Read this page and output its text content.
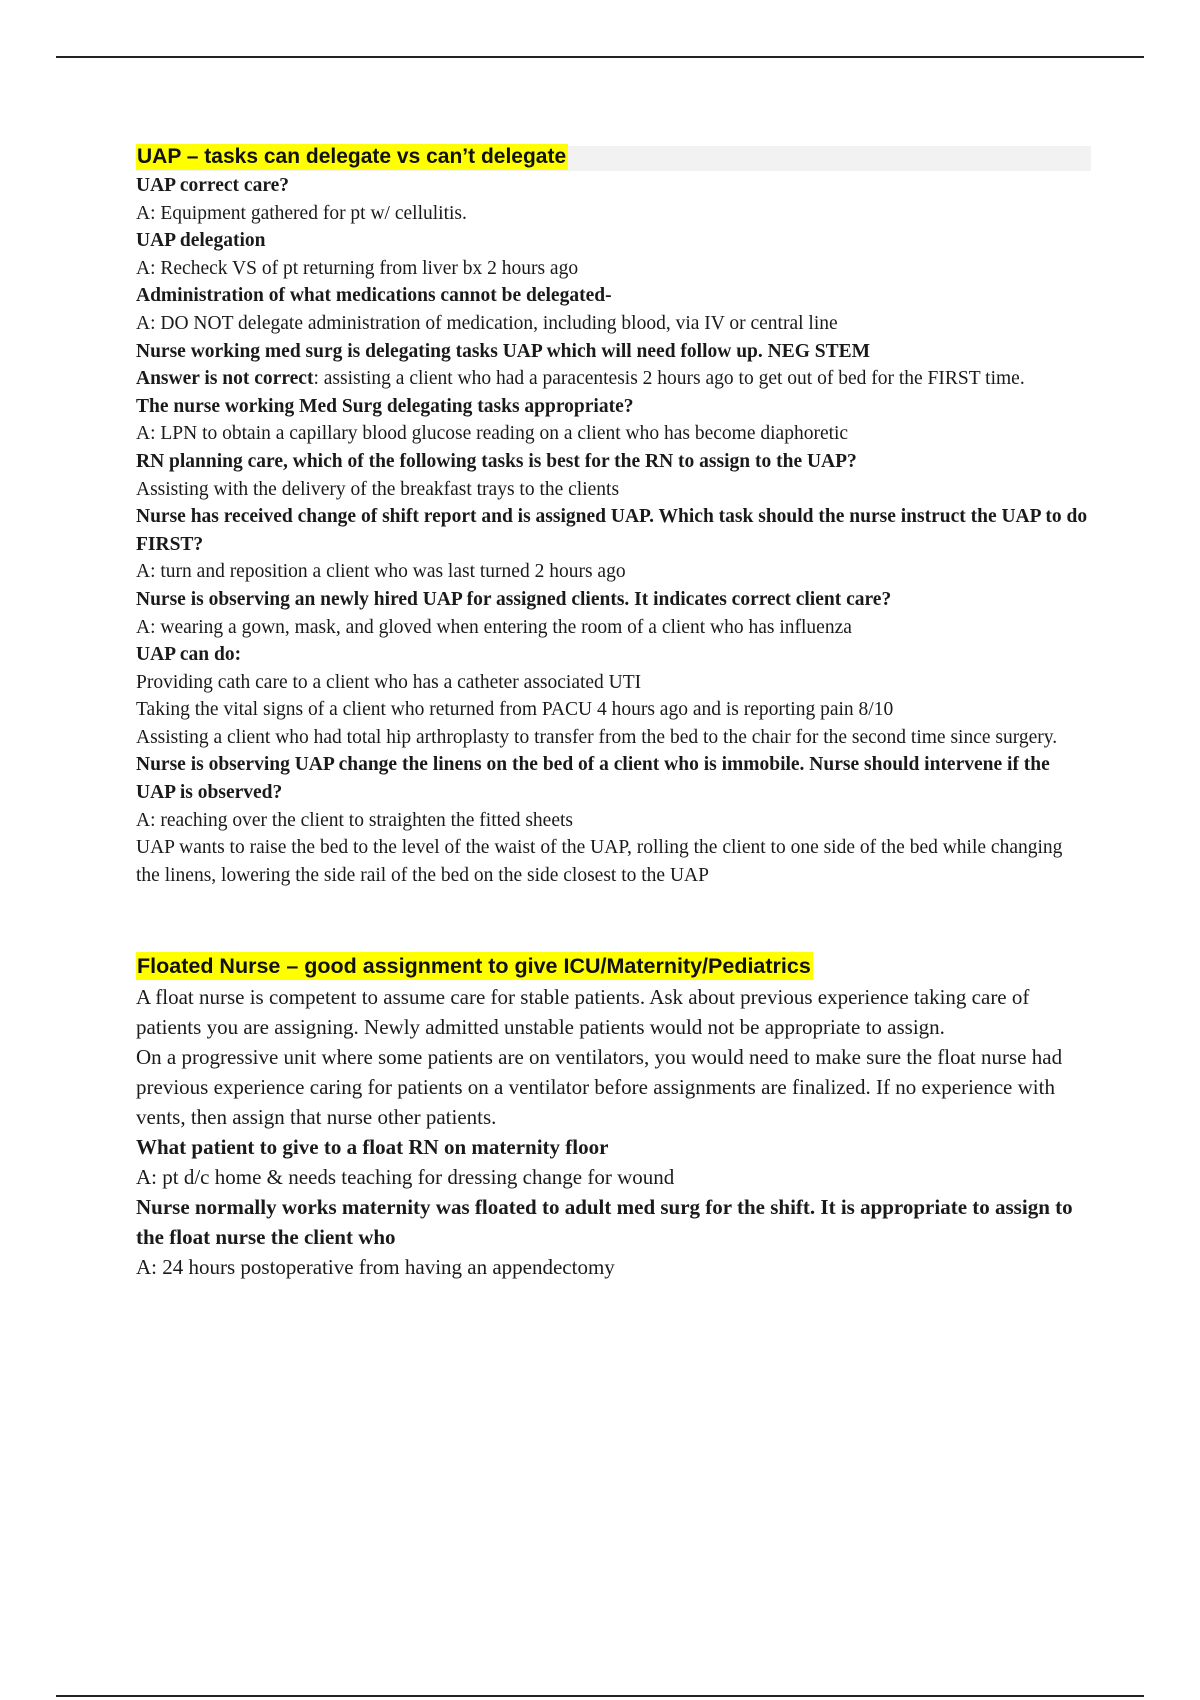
UAP – tasks can delegate vs can’t delegate

UAP correct care?

A: Equipment gathered for pt w/ cellulitis.

UAP delegation

A: Recheck VS of pt returning from liver bx 2 hours ago

Administration of what medications cannot be delegated-

A: DO NOT delegate administration of medication, including blood, via IV or central line

Nurse working med surg is delegating tasks UAP which will need follow up. NEG STEM

Answer is not correct: assisting a client who had a paracentesis 2 hours ago to get out of bed for the FIRST time.

The nurse working Med Surg delegating tasks appropriate?

A: LPN to obtain a capillary blood glucose reading on a client who has become diaphoretic

RN planning care, which of the following tasks is best for the RN to assign to the UAP?

Assisting with the delivery of the breakfast trays to the clients

Nurse has received change of shift report and is assigned UAP. Which task should the nurse instruct the UAP to do FIRST?

A: turn and reposition a client who was last turned 2 hours ago

Nurse is observing an newly hired UAP for assigned clients. It indicates correct client care?

A: wearing a gown, mask, and gloved when entering the room of a client who has influenza

UAP can do:

Providing cath care to a client who has a catheter associated UTI

Taking the vital signs of a client who returned from PACU 4 hours ago and is reporting pain 8/10

Assisting a client who had total hip arthroplasty to transfer from the bed to the chair for the second time since surgery.

Nurse is observing UAP change the linens on the bed of a client who is immobile. Nurse should intervene if the UAP is observed?

A: reaching over the client to straighten the fitted sheets

UAP wants to raise the bed to the level of the waist of the UAP, rolling the client to one side of the bed while changing the linens, lowering the side rail of the bed on the side closest to the UAP

Floated Nurse – good assignment to give ICU/Maternity/Pediatrics

A float nurse is competent to assume care for stable patients. Ask about previous experience taking care of patients you are assigning. Newly admitted unstable patients would not be appropriate to assign.

On a progressive unit where some patients are on ventilators, you would need to make sure the float nurse had previous experience caring for patients on a ventilator before assignments are finalized. If no experience with vents, then assign that nurse other patients.

What patient to give to a float RN on maternity floor

A: pt d/c home & needs teaching for dressing change for wound

Nurse normally works maternity was floated to adult med surg for the shift. It is appropriate to assign to the float nurse the client who

A: 24 hours postoperative from having an appendectomy
